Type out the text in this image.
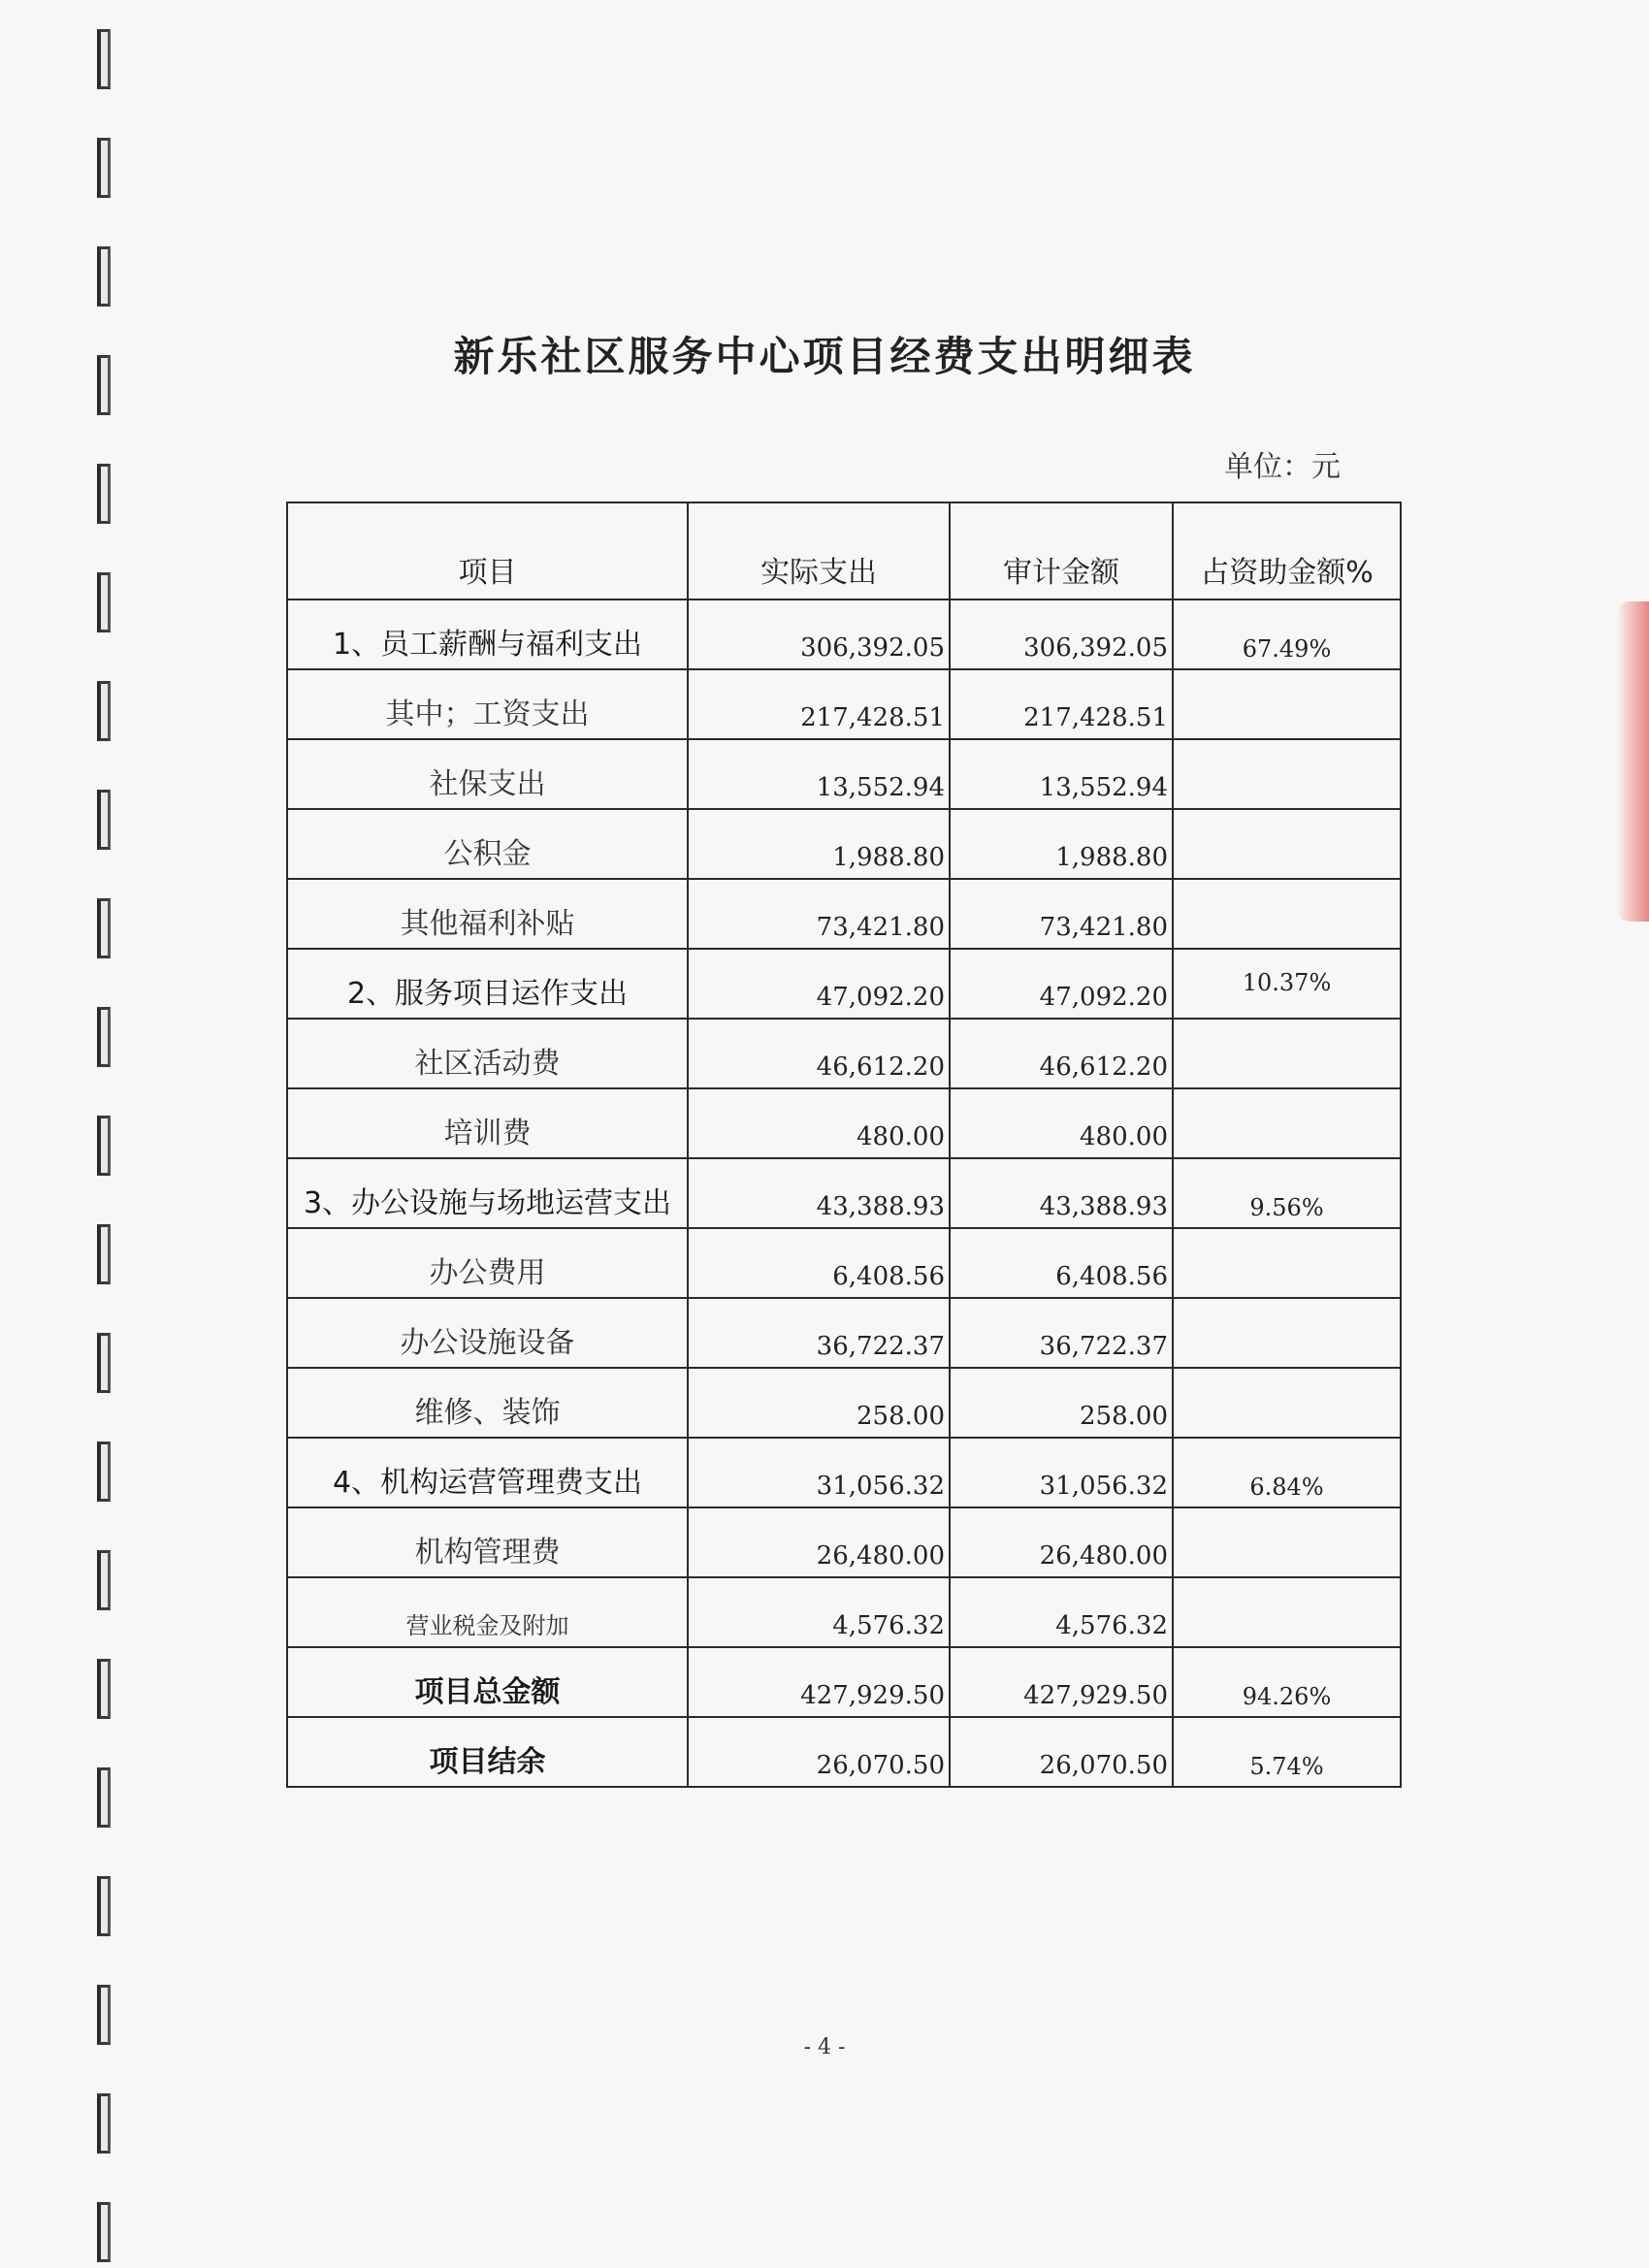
新乐社区服务中心项目经费支出明细表
单位：元
项目	实际支出	审计金额	占资助金额%
1、员工薪酬与福利支出	306,392.05	306,392.05	67.49%
其中；工资支出	217,428.51	217,428.51	
社保支出	13,552.94	13,552.94	
公积金	1,988.80	1,988.80	
其他福利补贴	73,421.80	73,421.80	
2、服务项目运作支出	47,092.20	47,092.20	10.37%
社区活动费	46,612.20	46,612.20	
培训费	480.00	480.00	
3、办公设施与场地运营支出	43,388.93	43,388.93	9.56%
办公费用	6,408.56	6,408.56	
办公设施设备	36,722.37	36,722.37	
维修、装饰	258.00	258.00	
4、机构运营管理费支出	31,056.32	31,056.32	6.84%
机构管理费	26,480.00	26,480.00	
营业税金及附加	4,576.32	4,576.32	
项目总金额	427,929.50	427,929.50	94.26%
项目结余	26,070.50	26,070.50	5.74%
- 4 -
